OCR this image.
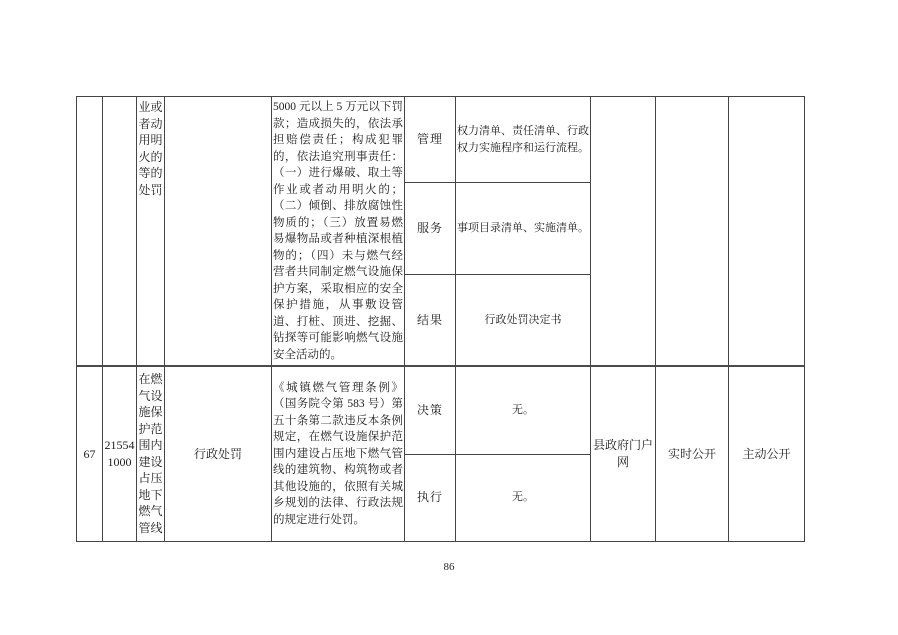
		业或者动用明火的等的处罚		5000 元以上 5 万元以下罚款；造成损失的，依法承担赔偿责任；构成犯罪的，依法追究刑事责任：（一）进行爆破、取土等作业或者动用明火的；（二）倾倒、排放腐蚀性物质的；（三）放置易燃易爆物品或者种植深根植物的；（四）未与燃气经营者共同制定燃气设施保护方案，采取相应的安全保护措施，从事敷设管道、打桩、顶进、挖掘、钻探等可能影响燃气设施安全活动的。	管理	权力清单、责任清单、行政权力实施程序和运行流程。			

					服务	事项目录清单、实施清单。			

					结果	行政处罚决定书			
67	215541000	在燃气设施保护范围内建设占压地下燃气管线	行政处罚	《城镇燃气管理条例》（国务院令第 583 号）第五十条第二款违反本条例规定，在燃气设施保护范围内建设占压地下燃气管线的建筑物、构筑物或者其他设施的，依照有关城乡规划的法律、行政法规的规定进行处罚。	决策	无。	县政府门户网	实时公开	主动公开
					执行	无。			
86
